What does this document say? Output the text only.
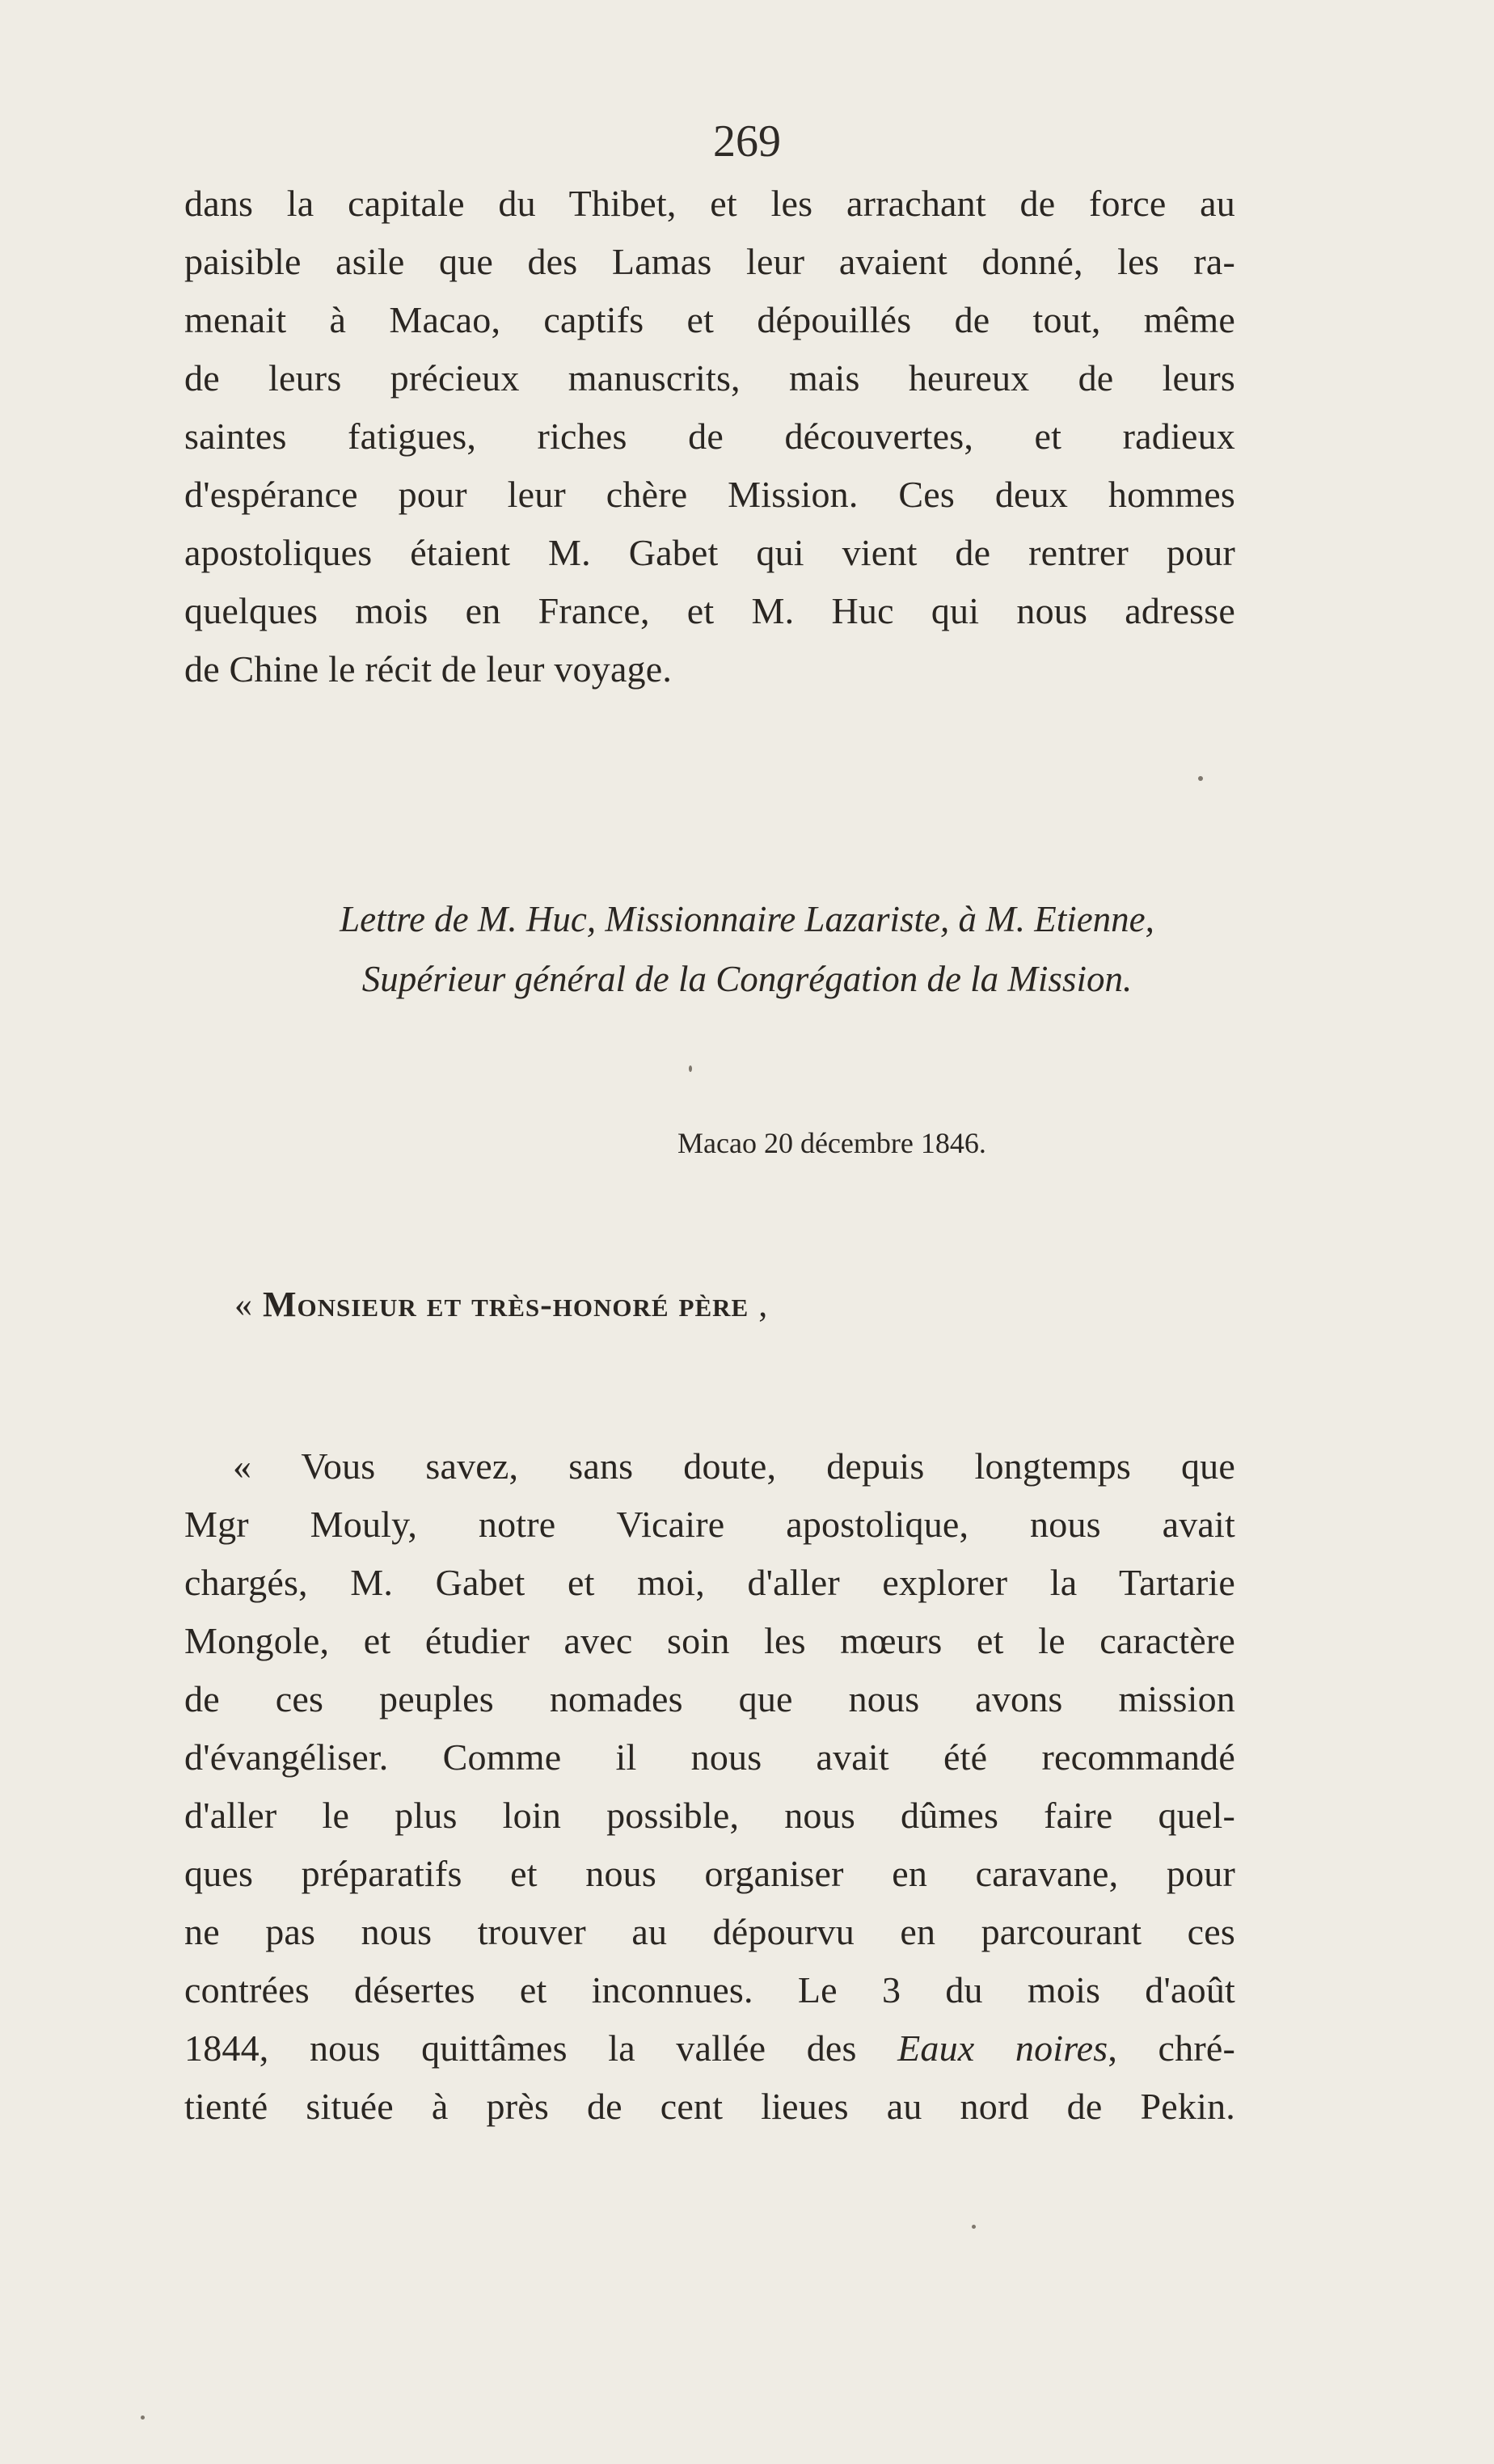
269
dans la capitale du Thibet, et les arrachant de force au
paisible asile que des Lamas leur avaient donné, les ra-
menait à Macao, captifs et dépouillés de tout, même
de leurs précieux manuscrits, mais heureux de leurs
saintes fatigues, riches de découvertes, et radieux
d'espérance pour leur chère Mission. Ces deux hommes
apostoliques étaient M. Gabet qui vient de rentrer pour
quelques mois en France, et M. Huc qui nous adresse
de Chine le récit de leur voyage.
Lettre de M. Huc, Missionnaire Lazariste, à M. Etienne,
Supérieur général de la Congrégation de la Mission.
Macao 20 décembre 1846.
« Monsieur et très-honoré père ,
« Vous savez, sans doute, depuis longtemps que
Mgr Mouly, notre Vicaire apostolique, nous avait
chargés, M. Gabet et moi, d'aller explorer la Tartarie
Mongole, et étudier avec soin les mœurs et le caractère
de ces peuples nomades que nous avons mission
d'évangéliser. Comme il nous avait été recommandé
d'aller le plus loin possible, nous dûmes faire quel-
ques préparatifs et nous organiser en caravane, pour
ne pas nous trouver au dépourvu en parcourant ces
contrées désertes et inconnues. Le 3 du mois d'août
1844, nous quittâmes la vallée des Eaux noires, chré-
tienté située à près de cent lieues au nord de Pekin.
